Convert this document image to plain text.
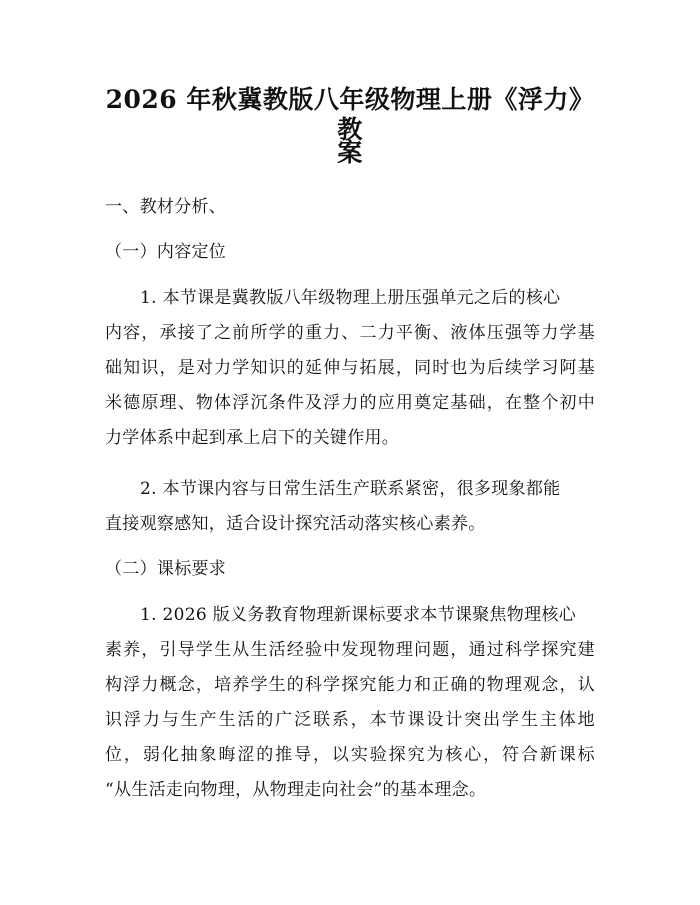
2026 年秋冀教版八年级物理上册《浮力》教
案

一、教材分析、

（一）内容定位

1. 本节课是冀教版八年级物理上册压强单元之后的核心

内容，承接了之前所学的重力、二力平衡、液体压强等力学基

础知识，是对力学知识的延伸与拓展，同时也为后续学习阿基

米德原理、物体浮沉条件及浮力的应用奠定基础，在整个初中

力学体系中起到承上启下的关键作用。

2. 本节课内容与日常生活生产联系紧密，很多现象都能

直接观察感知，适合设计探究活动落实核心素养。

（二）课标要求

1. 2026 版义务教育物理新课标要求本节课聚焦物理核心

素养，引导学生从生活经验中发现物理问题，通过科学探究建

构浮力概念，培养学生的科学探究能力和正确的物理观念，认

识浮力与生产生活的广泛联系，本节课设计突出学生主体地

位，弱化抽象晦涩的推导，以实验探究为核心，符合新课标

“从生活走向物理，从物理走向社会”的基本理念。
